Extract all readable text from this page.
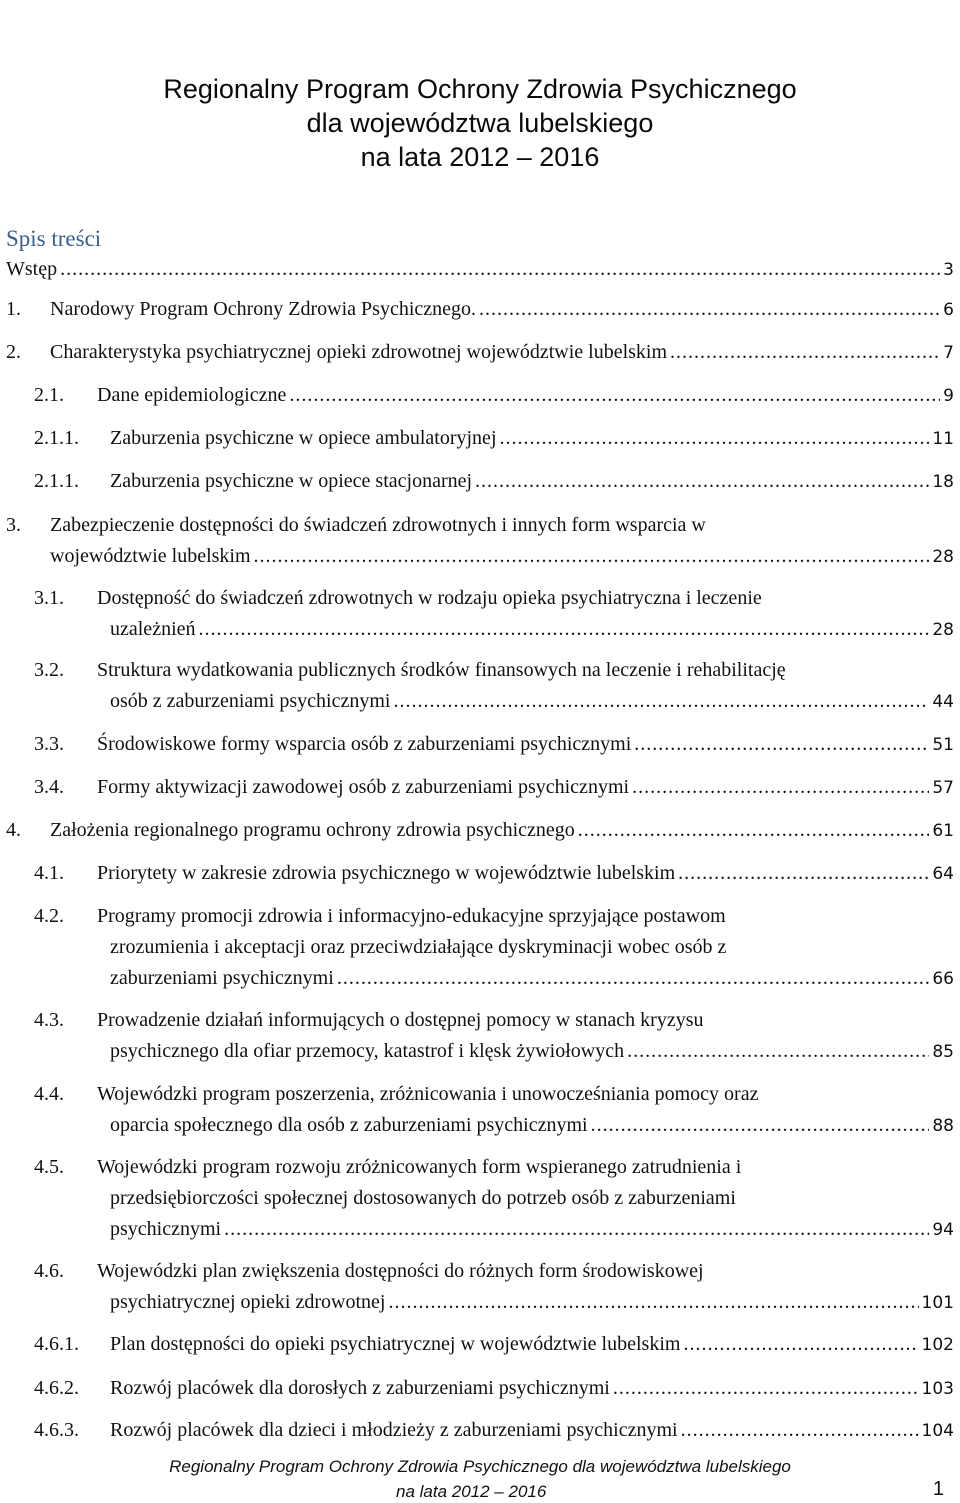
Regionalny Program Ochrony Zdrowia Psychicznego
dla województwa lubelskiego
na lata 2012 – 2016
Spis treści
Wstęp .....	3
1. Narodowy Program Ochrony Zdrowia Psychicznego. .....	6
2. Charakterystyka psychiatrycznej opieki zdrowotnej województwie lubelskim .....	7
2.1. Dane epidemiologiczne .....	9
2.1.1. Zaburzenia psychiczne w opiece ambulatoryjnej .....	11
2.1.1. Zaburzenia psychiczne w opiece stacjonarnej .....	18
3. Zabezpieczenie dostępności do świadczeń zdrowotnych i innych form wsparcia w
województwie lubelskim .....	28
3.1. Dostępność do świadczeń zdrowotnych w rodzaju opieka psychiatryczna i leczenie
uzależnień .....	28
3.2. Struktura wydatkowania publicznych środków finansowych na leczenie i rehabilitację
osób z zaburzeniami psychicznymi .....	44
3.3. Środowiskowe formy wsparcia osób z zaburzeniami psychicznymi .....	51
3.4. Formy aktywizacji zawodowej osób z zaburzeniami psychicznymi .....	57
4. Założenia regionalnego programu ochrony zdrowia psychicznego .....	61
4.1. Priorytety w zakresie zdrowia psychicznego w województwie lubelskim .....	64
4.2. Programy promocji zdrowia i informacyjno-edukacyjne sprzyjające postawom
zrozumienia i akceptacji oraz przeciwdziałające dyskryminacji wobec osób z
zaburzeniami psychicznymi .....	66
4.3. Prowadzenie działań informujących o dostępnej pomocy w stanach kryzysu
psychicznego dla ofiar przemocy, katastrof i klęsk żywiołowych .....	85
4.4. Wojewódzki program poszerzenia, zróżnicowania i unowocześniania pomocy oraz
oparcia społecznego dla osób z zaburzeniami psychicznymi .....	88
4.5. Wojewódzki program rozwoju zróżnicowanych form wspieranego zatrudnienia i
przedsiębiorczości społecznej dostosowanych do potrzeb osób z zaburzeniami
psychicznymi .....	94
4.6. Wojewódzki plan zwiększenia dostępności do różnych form środowiskowej
psychiatrycznej opieki zdrowotnej .....	101
4.6.1. Plan dostępności do opieki psychiatrycznej w województwie lubelskim .....	102
4.6.2. Rozwój placówek dla dorosłych z zaburzeniami psychicznymi .....	103
4.6.3. Rozwój placówek dla dzieci i młodzieży z zaburzeniami psychicznymi .....	104
Regionalny Program Ochrony Zdrowia Psychicznego dla województwa lubelskiego
na lata 2012 – 2016	1
